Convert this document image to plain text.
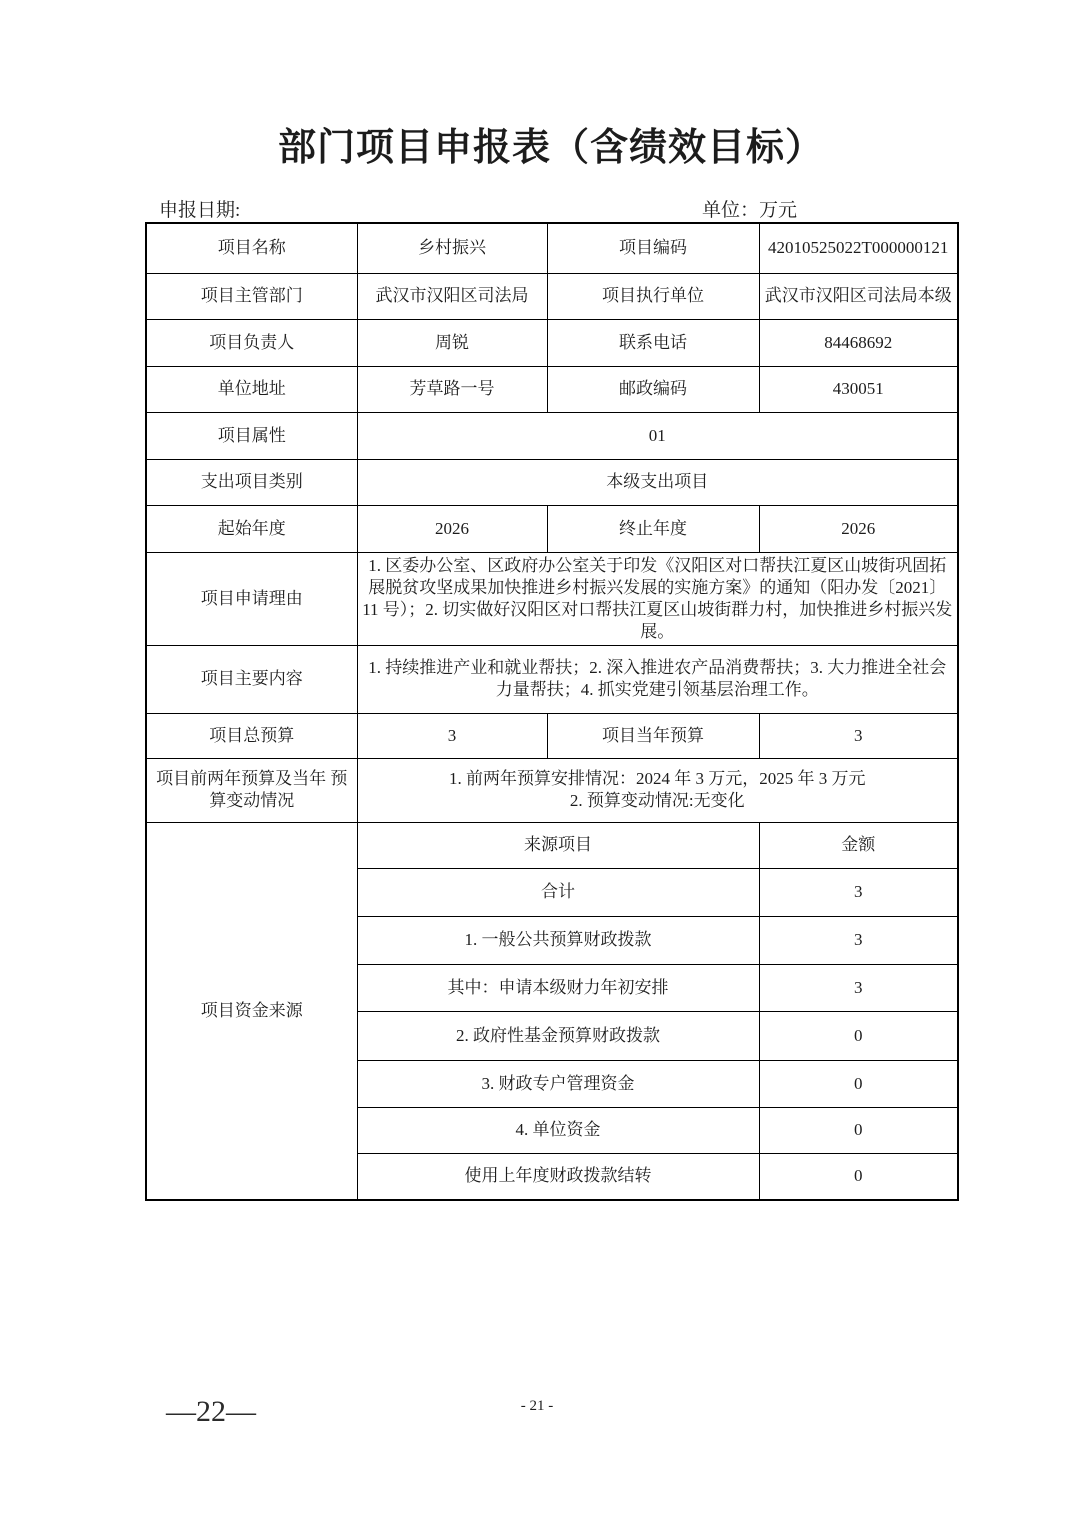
部门项目申报表（含绩效目标）
申报日期:	单位：万元
项目名称	乡村振兴	项目编码	42010525022T000000121
项目主管部门	武汉市汉阳区司法局	项目执行单位	武汉市汉阳区司法局本级
项目负责人	周锐	联系电话	84468692
单位地址	芳草路一号	邮政编码	430051
项目属性	01		
支出项目类别	本级支出项目		
起始年度	2026	终止年度	2026
项目申请理由	1. 区委办公室、区政府办公室关于印发《汉阳区对口帮扶江夏区山坡街巩固拓展脱贫攻坚成果加快推进乡村振兴发展的实施方案》的通知（阳办发〔2021〕11 号）；2. 切实做好汉阳区对口帮扶江夏区山坡街群力村，加快推进乡村振兴发展。		
项目主要内容	1. 持续推进产业和就业帮扶；2. 深入推进农产品消费帮扶；3. 大力推进全社会力量帮扶；4. 抓实党建引领基层治理工作。		
项目总预算	3	项目当年预算	3
项目前两年预算及当年 预算变动情况	1. 前两年预算安排情况：2024 年 3 万元，2025 年 3 万元
2. 预算变动情况:无变化		

项目资金来源	来源项目		金额
	合计		3
	1. 一般公共预算财政拨款		3
	其中：申请本级财力年初安排		3
	2. 政府性基金预算财政拨款		0
	3. 财政专户管理资金		0
	4. 单位资金		0
	使用上年度财政拨款结转		0
—22—	- 21 -
